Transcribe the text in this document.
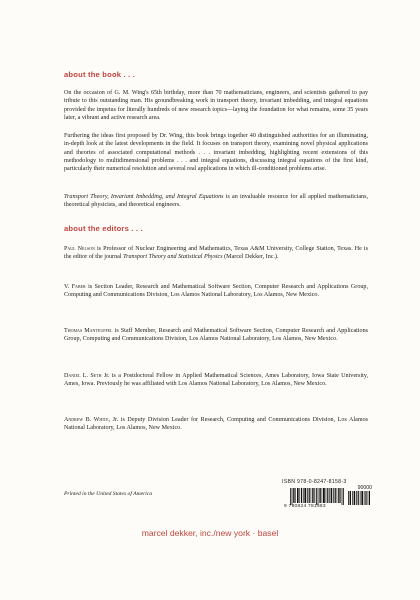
about the book . . .

On the occasion of G. M. Wing's 65th birthday, more than 70 mathematicians, engineers, and scientists gathered to pay tribute to this outstanding man. His groundbreaking work in transport theory, invariant imbedding, and integral equations provided the impetus for literally hundreds of new research topics—laying the foundation for what remains, some 35 years later, a vibrant and active research area.

Furthering the ideas first proposed by Dr. Wing, this book brings together 40 distinguished authorities for an illuminating, in-depth look at the latest developments in the field. It focuses on transport theory, examining novel physical applications and theories of associated computational methods . . . invariant imbedding, highlighting recent extensions of this methodology to multidimensional problems . . . and integral equations, discussing integral equations of the first kind, particularly their numerical resolution and several real applications in which ill-conditioned problems arise.

Transport Theory, Invariant Imbedding, and Integral Equations is an invaluable resource for all applied mathematicians, theoretical physicists, and theoretical engineers.

about the editors . . .

Paul Nelson is Professor of Nuclear Engineering and Mathematics, Texas A&M University, College Station, Texas. He is the editor of the journal Transport Theory and Statistical Physics (Marcel Dekker, Inc.).

V. Faber is Section Leader, Research and Mathematical Software Section, Computer Research and Applications Group, Computing and Communications Division, Los Alamos National Laboratory, Los Alamos, New Mexico.

Thomas Manteuffel is Staff Member, Research and Mathematical Software Section, Computer Research and Applications Group, Computing and Communications Division, Los Alamos National Laboratory, Los Alamos, New Mexico.

Daniel L. Seth Jr. is a Postdoctoral Fellow in Applied Mathematical Sciences, Ames Laboratory, Iowa State University, Ames, Iowa. Previously he was affiliated with Los Alamos National Laboratory, Los Alamos, New Mexico.

Andrew B. White, Jr. is Deputy Division Leader for Research, Computing and Communications Division, Los Alamos National Laboratory, Los Alamos, New Mexico.

Printed in the United States of America
ISBN 978-0-8247-8158-3
90000
9 780824 781583
marcel dekker, inc./new york · basel
